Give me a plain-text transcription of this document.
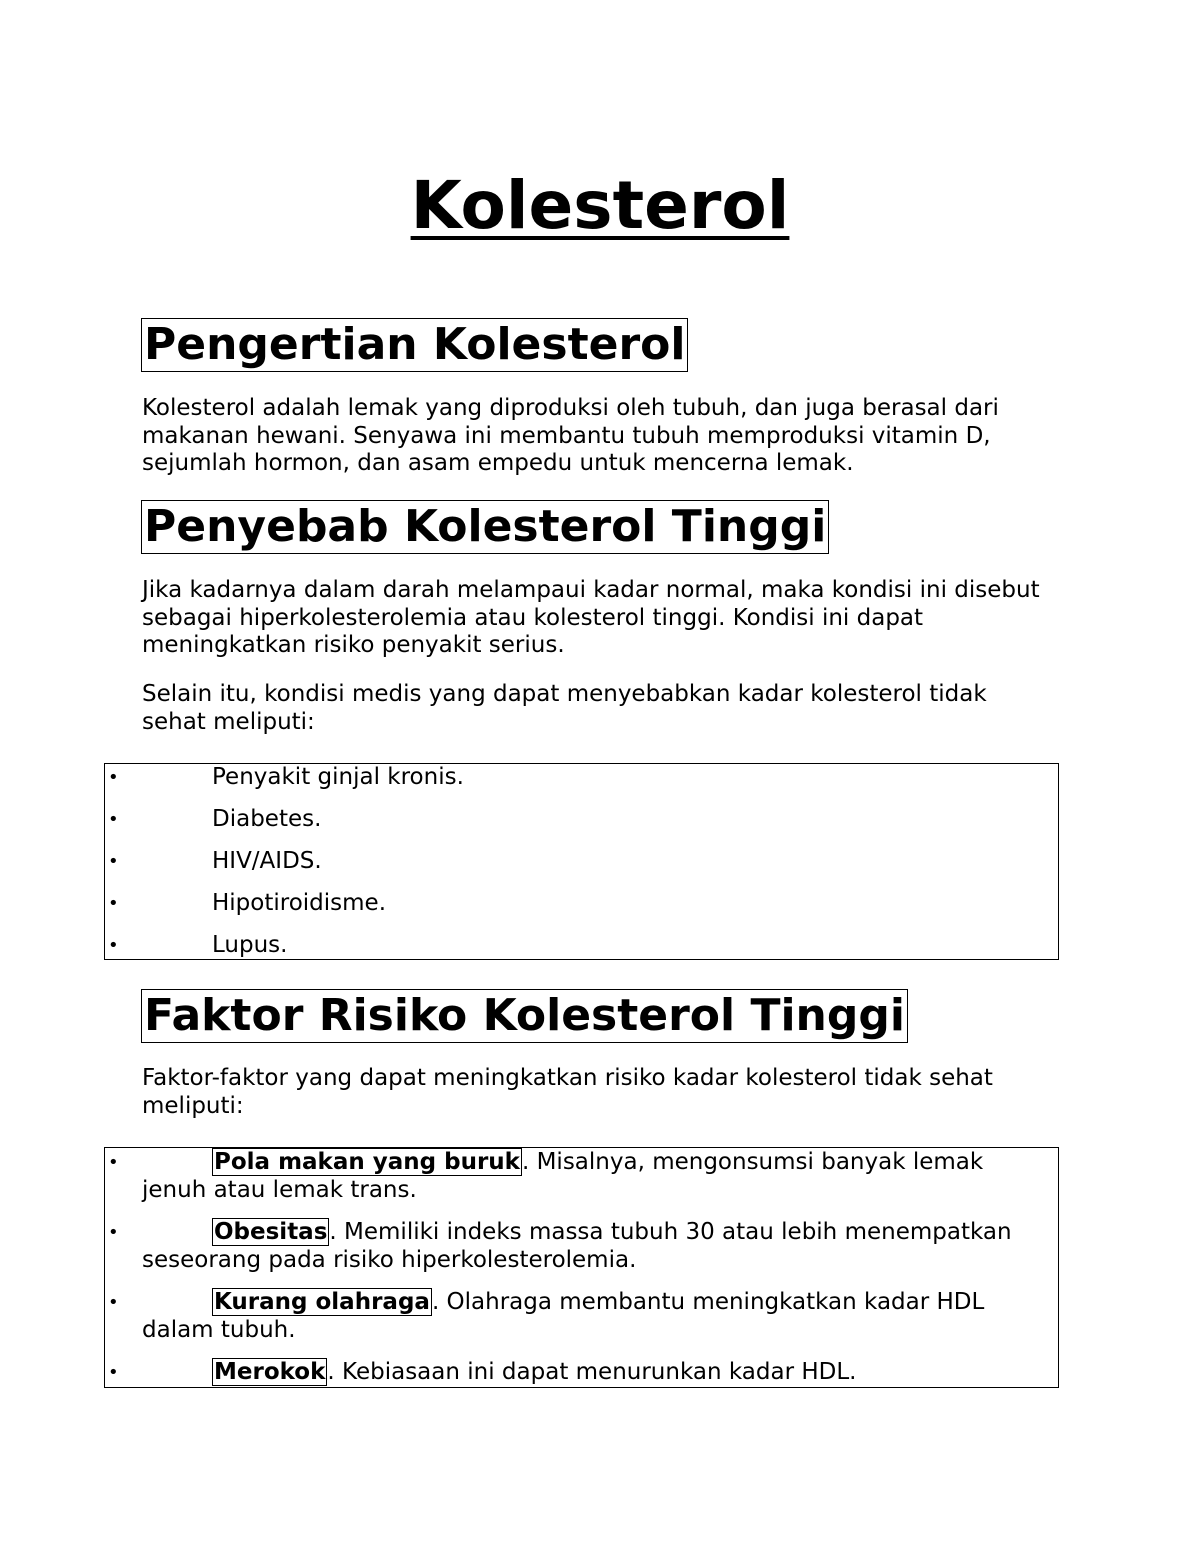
Kolesterol
Pengertian Kolesterol

Kolesterol adalah lemak yang diproduksi oleh tubuh, dan juga berasal dari makanan hewani. Senyawa ini membantu tubuh memproduksi vitamin D, sejumlah hormon, dan asam empedu untuk mencerna lemak.

Penyebab Kolesterol Tinggi

Jika kadarnya dalam darah melampaui kadar normal, maka kondisi ini disebut sebagai hiperkolesterolemia atau kolesterol tinggi. Kondisi ini dapat meningkatkan risiko penyakit serius.

Selain itu, kondisi medis yang dapat menyebabkan kadar kolesterol tidak sehat meliputi:

•	Penyakit ginjal kronis.
•	Diabetes.
•	HIV/AIDS.
•	Hipotiroidisme.
•	Lupus.
Faktor Risiko Kolesterol Tinggi

Faktor-faktor yang dapat meningkatkan risiko kadar kolesterol tidak sehat meliputi:

•	Pola makan yang buruk. Misalnya, mengonsumsi banyak lemak jenuh atau lemak trans.
•	Obesitas. Memiliki indeks massa tubuh 30 atau lebih menempatkan seseorang pada risiko hiperkolesterolemia.
•	Kurang olahraga. Olahraga membantu meningkatkan kadar HDL dalam tubuh.
•	Merokok. Kebiasaan ini dapat menurunkan kadar HDL.
